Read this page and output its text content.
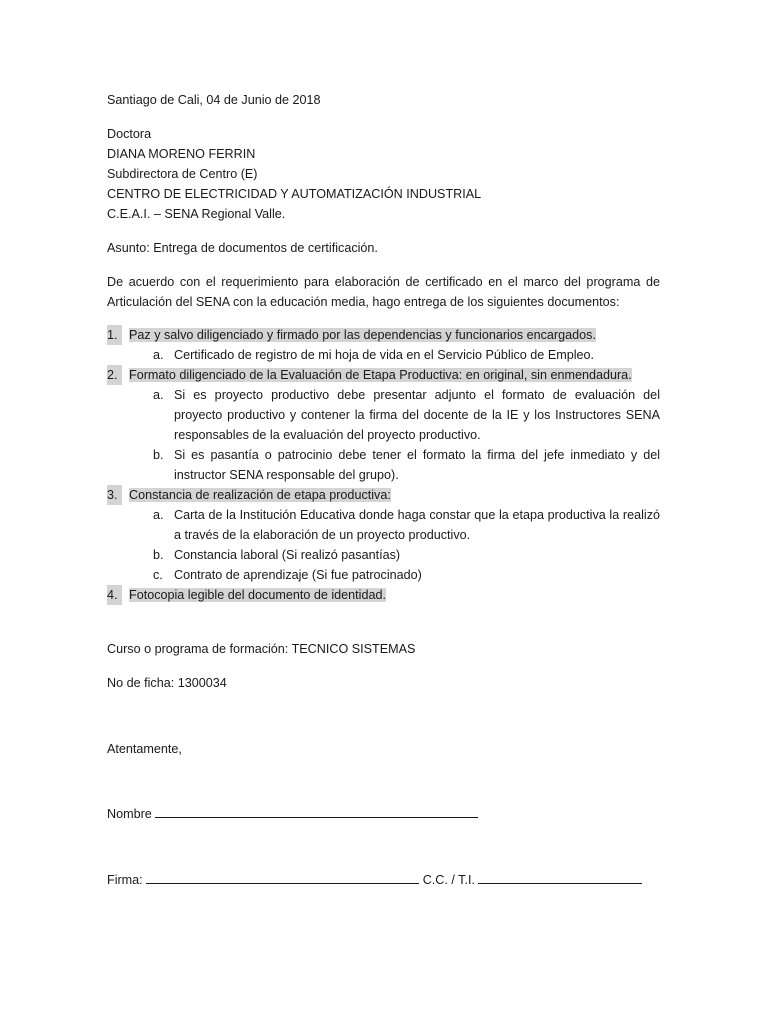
Santiago de Cali, 04 de Junio de 2018
Doctora
DIANA MORENO FERRIN
Subdirectora de Centro (E)
CENTRO DE ELECTRICIDAD Y AUTOMATIZACIÓN INDUSTRIAL
C.E.A.I. – SENA Regional Valle.
Asunto: Entrega de documentos de certificación.
De acuerdo con el requerimiento para elaboración de certificado en el marco del programa de Articulación del SENA con la educación media, hago entrega de los siguientes documentos:
1. Paz y salvo diligenciado y firmado por las dependencias y funcionarios encargados.
a. Certificado de registro de mi hoja de vida en el Servicio Público de Empleo.
2. Formato diligenciado de la Evaluación de Etapa Productiva: en original, sin enmendadura.
a. Si es proyecto productivo debe presentar adjunto el formato de evaluación del proyecto productivo y contener la firma del docente de la IE y los Instructores SENA responsables de la evaluación del proyecto productivo.
b. Si es pasantía o patrocinio debe tener el formato la firma del jefe inmediato y del instructor SENA responsable del grupo).
3. Constancia de realización de etapa productiva:
a. Carta de la Institución Educativa donde haga constar que la etapa productiva la realizó a través de la elaboración de un proyecto productivo.
b. Constancia laboral (Si realizó pasantías)
c. Contrato de aprendizaje (Si fue patrocinado)
4. Fotocopia legible del documento de identidad.
Curso o programa de formación: TECNICO SISTEMAS
No de ficha: 1300034
Atentamente,
Nombre
Firma:	C.C. / T.I.
